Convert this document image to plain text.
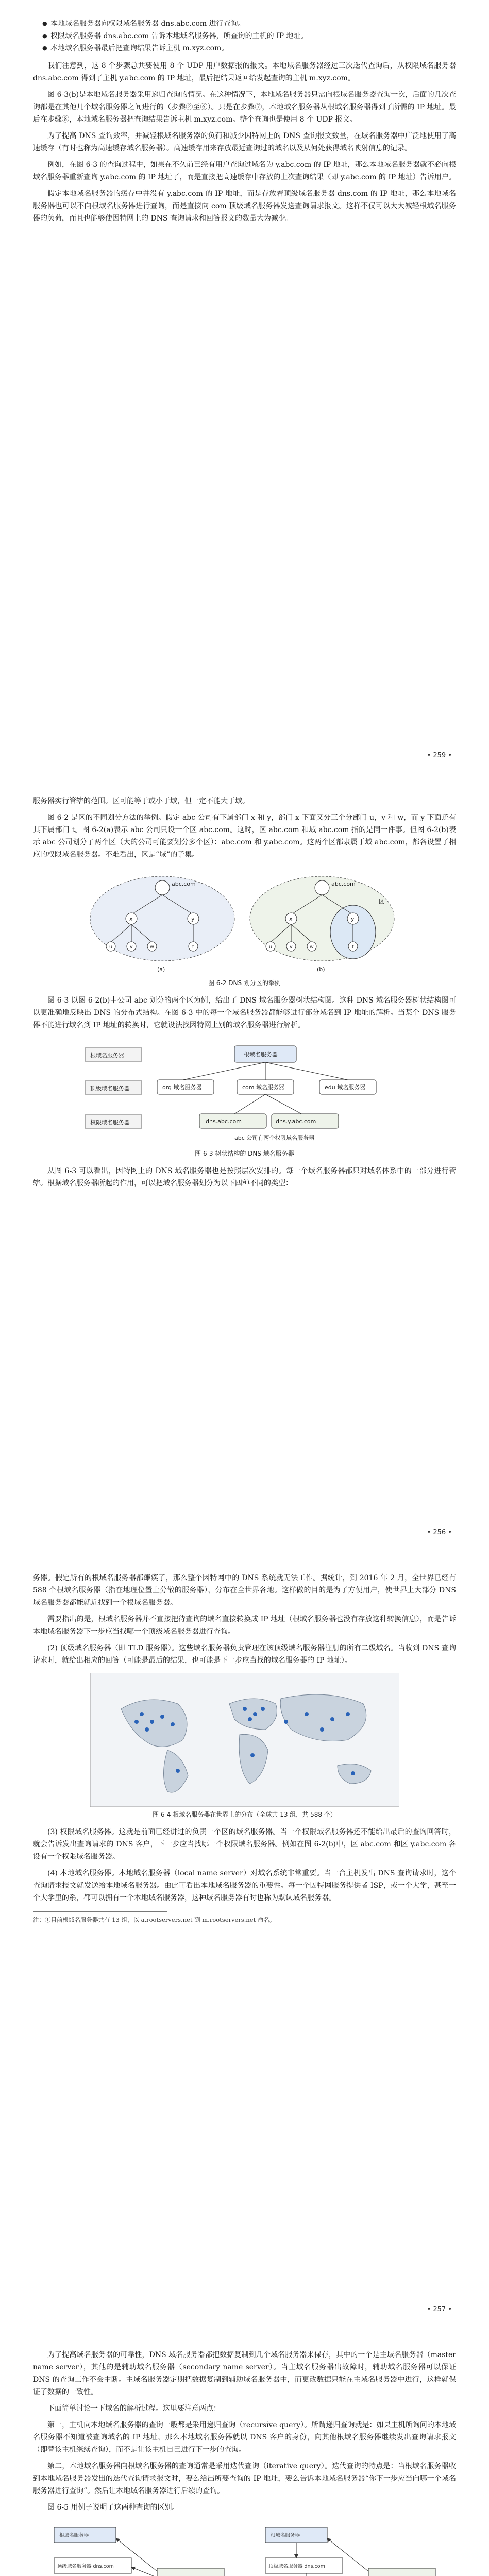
● 本地域名服务器向权限域名服务器 dns.abc.com 进行查询。
● 权限域名服务器 dns.abc.com 告诉本地域名服务器，所查询的主机的 IP 地址。
● 本地域名服务器最后把查询结果告诉主机 m.xyz.com。

我们注意到，这 8 个步骤总共要使用 8 个 UDP 用户数据报的报文。本地域名服务器经过三次迭代查询后，从权限域名服务器 dns.abc.com 得到了主机 y.abc.com 的 IP 地址，最后把结果返回给发起查询的主机 m.xyz.com。

图 6-3(b)是本地域名服务器采用递归查询的情况。在这种情况下，本地域名服务器只需向根域名服务器查询一次，后面的几次查询都是在其他几个域名服务器之间进行的（步骤②至⑥）。只是在步骤⑦，本地域名服务器从根域名服务器得到了所需的 IP 地址。最后在步骤⑧，本地域名服务器把查询结果告诉主机 m.xyz.com。整个查询也是使用 8 个 UDP 报文。

为了提高 DNS 查询效率，并减轻根域名服务器的负荷和减少因特网上的 DNS 查询报文数量，在域名服务器中广泛地使用了高速缓存（有时也称为高速缓存域名服务器）。高速缓存用来存放最近查询过的域名以及从何处获得域名映射信息的记录。

例如，在图 6-3 的查询过程中，如果在不久前已经有用户查询过域名为 y.abc.com 的 IP 地址，那么本地域名服务器就不必向根域名服务器重新查询 y.abc.com 的 IP 地址了，而是直接把高速缓存中存放的上次查询结果（即 y.abc.com 的 IP 地址）告诉用户。

假定本地域名服务器的缓存中并没有 y.abc.com 的 IP 地址，而是存放着顶级域名服务器 dns.com 的 IP 地址，那么本地域名服务器也可以不向根域名服务器进行查询，而是直接向 com 顶级域名服务器发送查询请求报文。这样不仅可以大大减轻根域名服务器的负荷，而且也能够使因特网上的 DNS 查询请求和回答报文的数量大为减少。

• 259 •

服务器实行管辖的范围。区可能等于或小于域，但一定不能大于域。

图 6-2 是区的不同划分方法的举例。假定 abc 公司有下属部门 x 和 y，部门 x 下面又分三个分部门 u，v 和 w，而 y 下面还有其下属部门 t。图 6-2(a)表示 abc 公司只设一个区 abc.com。这时，区 abc.com 和域 abc.com 指的是同一件事。但图 6-2(b)表示 abc 公司划分了两个区（大的公司可能要划分多个区）：abc.com 和 y.abc.com。这两个区都隶属于域 abc.com，都各设置了相应的权限域名服务器。不难看出，区是“域”的子集。

abc.com
x	y
u	v	w	t
(a)
abc.com
x	y
u	v	w	t
区
(b)
图 6-2 DNS 划分区的举例

图 6-3 以图 6-2(b)中公司 abc 划分的两个区为例，给出了 DNS 域名服务器树状结构图。这种 DNS 域名服务器树状结构图可以更准确地反映出 DNS 的分布式结构。在图 6-3 中的每一个域名服务器都能够进行部分域名到 IP 地址的解析。当某个 DNS 服务器不能进行域名到 IP 地址的转换时，它就设法找因特网上别的域名服务器进行解析。

根域名服务器
顶级域名服务器
权限域名服务器
根域名服务器
org 域名服务器	com 域名服务器	edu 域名服务器
dns.abc.com	dns.y.abc.com
abc 公司有两个权限域名服务器
图 6-3 树状结构的 DNS 域名服务器

从图 6-3 可以看出，因特网上的 DNS 域名服务器也是按照层次安排的。每一个域名服务器都只对域名体系中的一部分进行管辖。根据域名服务器所起的作用，可以把域名服务器划分为以下四种不同的类型：

• 256 •

务器。假定所有的根域名服务器都瘫痪了，那么整个因特网中的 DNS 系统就无法工作。据统计，到 2016 年 2 月，全世界已经有 588 个根域名服务器（指在地理位置上分散的服务器），分布在全世界各地。这样做的目的是为了方便用户，使世界上大部分 DNS 域名服务器都能就近找到一个根域名服务器。

需要指出的是，根域名服务器并不直接把待查询的域名直接转换成 IP 地址（根域名服务器也没有存放这种转换信息），而是告诉本地域名服务器下一步应当找哪一个顶级域名服务器进行查询。

(2) 顶级域名服务器（即 TLD 服务器）。这些域名服务器负责管理在该顶级域名服务器注册的所有二级域名。当收到 DNS 查询请求时，就给出相应的回答（可能是最后的结果，也可能是下一步应当找的域名服务器的 IP 地址）。

图 6-4 根域名服务器在世界上的分布（全球共 13 组，共 588 个）

(3) 权限域名服务器。这就是前面已经讲过的负责一个区的域名服务器。当一个权限域名服务器还不能给出最后的查询回答时，就会告诉发出查询请求的 DNS 客户，下一步应当找哪一个权限域名服务器。例如在图 6-2(b)中，区 abc.com 和区 y.abc.com 各设有一个权限域名服务器。

(4) 本地域名服务器。本地域名服务器（local name server）对域名系统非常重要。当一台主机发出 DNS 查询请求时，这个查询请求报文就发送给本地域名服务器。由此可看出本地域名服务器的重要性。每一个因特网服务提供者 ISP，或一个大学，甚至一个大学里的系，都可以拥有一个本地域名服务器，这种域名服务器有时也称为默认域名服务器。

注：①目前根域名服务器共有 13 组，以 a.rootservers.net 到 m.rootservers.net 命名。

• 257 •

为了提高域名服务器的可靠性，DNS 域名服务器都把数据复制到几个域名服务器来保存，其中的一个是主域名服务器（master name server），其他的是辅助域名服务器（secondary name server）。当主域名服务器出故障时，辅助域名服务器可以保证 DNS 的查询工作不会中断。主域名服务器定期把数据复制到辅助域名服务器中，而更改数据只能在主域名服务器中进行，这样就保证了数据的一致性。

下面简单讨论一下域名的解析过程。这里要注意两点：

第一，主机向本地域名服务器的查询一般都是采用递归查询（recursive query）。所谓递归查询就是：如果主机所询问的本地域名服务器不知道被查询域名的 IP 地址，那么本地域名服务器就以 DNS 客户的身份，向其他根域名服务器继续发出查询请求报文（即替该主机继续查询），而不是让该主机自己进行下一步的查询。

第二，本地域名服务器向根域名服务器的查询通常是采用迭代查询（iterative query）。迭代查询的特点是：当根域名服务器收到本地域名服务器发出的迭代查询请求报文时，要么给出所要查询的 IP 地址，要么告诉本地域名服务器“你下一步应当向哪一个域名服务器进行查询”。然后让本地域名服务器进行后续的查询。

图 6-5 用例子说明了这两种查询的区别。

根域名服务器
顶级域名服务器 dns.com
根域名服务器
顶级域名服务器 dns.com
